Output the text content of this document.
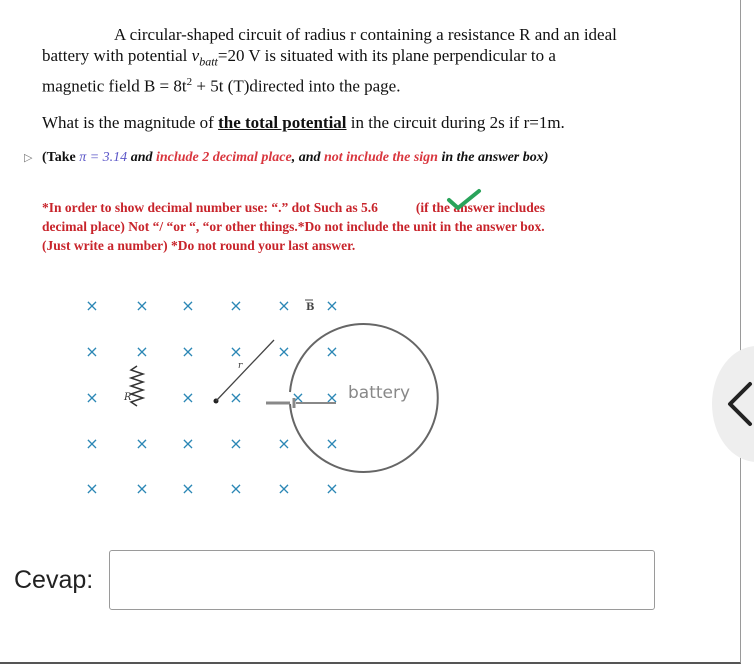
A circular-shaped circuit of radius r containing a resistance R and an ideal
battery with potential $v_{batt}=20$ V is situated with its plane perpendicular to a
magnetic field $B = 8t^2 + 5t$ (T)directed into the page.
What is the magnitude of the total potential in the circuit during 2s if r=1m.
▷ (Take π = 3.14 and include 2 decimal place, and not include the sign in the answer box)
*In order to show decimal number use: “.” dot Such as 5.6	(if the answer includes
decimal place) Not “/ “or “, “or other things.*Do not include the unit in the answer box.
(Just write a number) *Do not round your last answer.
× × × × × ×
× × × × × ×
×	× ×	× ×
× × × × × ×
× × × × × ×
R
r
B
battery
Cevap:
